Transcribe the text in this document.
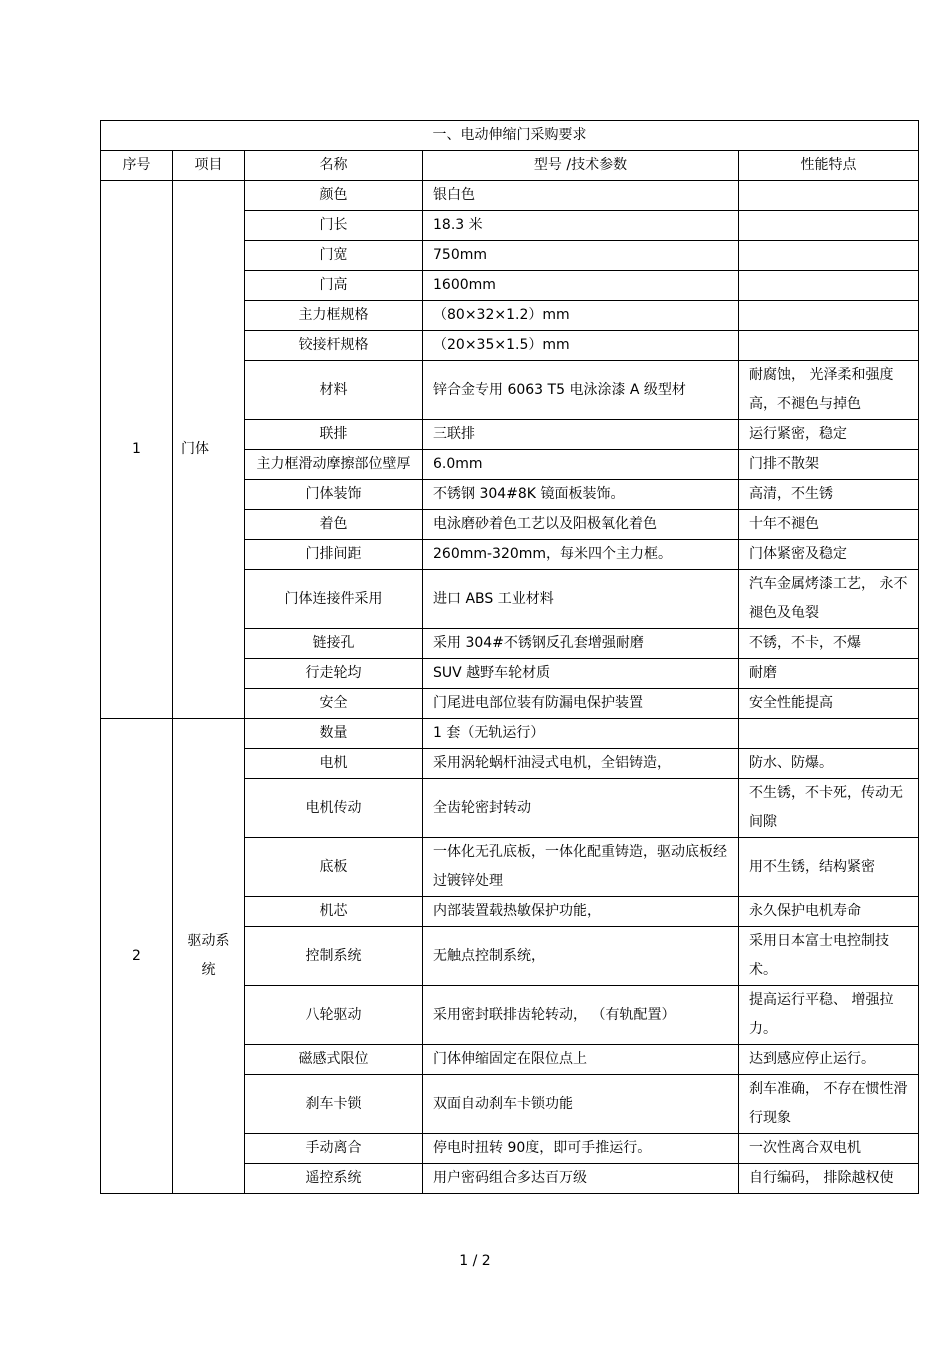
一、电动伸缩门采购要求				
序号	项目	名称	型号 /技术参数	性能特点
1	门体	颜色	银白色	
		门长	18.3 米	
		门宽	750mm	
		门高	1600mm	
		主力框规格	（80×32×1.2）mm	
		铰接杆规格	（20×35×1.5）mm	
		材料	锌合金专用 6063 T5 电泳涂漆 A 级型材	耐腐蚀， 光泽柔和强度高，不褪色与掉色
		联排	三联排	运行紧密，稳定
		主力框滑动摩擦部位壁厚	6.0mm	门排不散架
		门体装饰	不锈钢 304#8K 镜面板装饰。	高清，不生锈
		着色	电泳磨砂着色工艺以及阳极氧化着色	十年不褪色
		门排间距	260mm-320mm，每米四个主力框。	门体紧密及稳定
		门体连接件采用	进口 ABS 工业材料	汽车金属烤漆工艺， 永不褪色及龟裂
		链接孔	采用 304#不锈钢反孔套增强耐磨	不锈，不卡，不爆
		行走轮均	SUV 越野车轮材质	耐磨
		安全	门尾进电部位装有防漏电保护装置	安全性能提高
2	驱动系统	数量	1 套（无轨运行）	
		电机	采用涡轮蜗杆油浸式电机，全铝铸造，	防水、防爆。
		电机传动	全齿轮密封转动	不生锈，不卡死，传动无间隙
		底板	一体化无孔底板，一体化配重铸造，驱动底板经过镀锌处理	用不生锈，结构紧密
		机芯	内部装置载热敏保护功能，	永久保护电机寿命
		控制系统	无触点控制系统，	采用日本富士电控制技术。
		八轮驱动	采用密封联排齿轮转动， （有轨配置）	提高运行平稳、 增强拉力。
		磁感式限位	门体伸缩固定在限位点上	达到感应停止运行。
		刹车卡锁	双面自动刹车卡锁功能	刹车准确， 不存在惯性滑行现象
		手动离合	停电时扭转 90度，即可手推运行。	一次性离合双电机
		遥控系统	用户密码组合多达百万级	自行编码， 排除越权使
1 / 2
